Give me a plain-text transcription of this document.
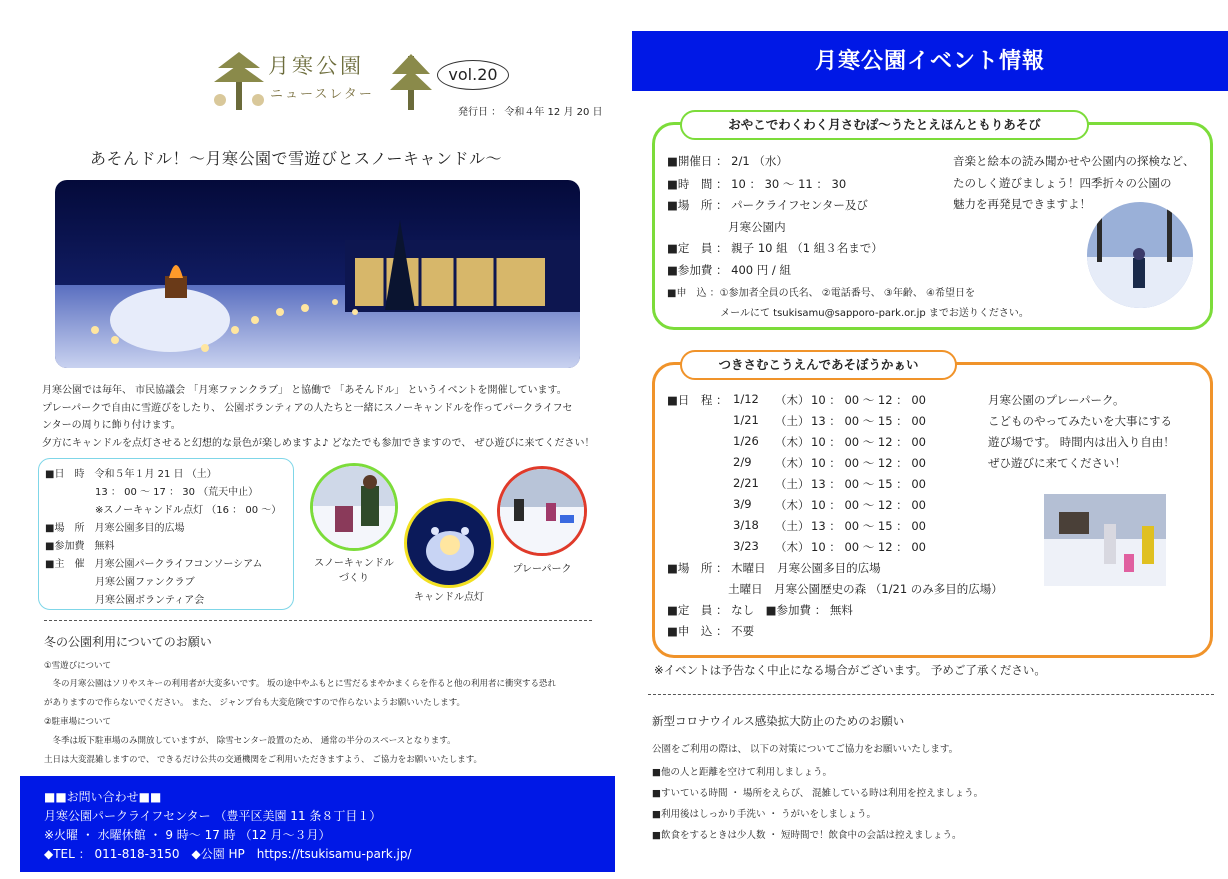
月寒公園
ニュースレター
vol.20
発行日 ： 令和４年 12 月 20 日
あそんドル！～月寒公園で雪遊びとスノーキャンドル～
月寒公園では毎年、 市民協議会 「月寒ファンクラブ」 と協働で 「あそんドル」 というイベントを開催しています。
プレーパークで自由に雪遊びをしたり、 公園ボランティアの人たちと一緒にスノーキャンドルを作ってパークライフセ
ンターの周りに飾り付けます。
夕方にキャンドルを点灯させると幻想的な景色が楽しめますよ♪ どなたでも参加できますので、 ぜひ遊びに来てください！
■日　時　令和５年１月 21 日 （土）
　　　　　13 ： 00 ～ 17 ： 30 （荒天中止）
　　　　　※スノーキャンドル点灯 （16 ： 00 ～）
■場　所　月寒公園多目的広場
■参加費　無料
■主　催　月寒公園パークライフコンソーシアム
　　　　　月寒公園ファンクラブ
　　　　　月寒公園ボランティア会
スノーキャンドル
づくり
キャンドル点灯
プレーパーク
冬の公園利用についてのお願い
①雪遊びについて
　冬の月寒公園はソリやスキーの利用者が大変多いです。 坂の途中やふもとに雪だるまやかまくらを作ると他の利用者に衝突する恐れ
がありますので作らないでください。 また、 ジャンプ台も大変危険ですので作らないようお願いいたします。
②駐車場について
　冬季は坂下駐車場のみ開放していますが、 除雪センター設置のため、 通常の半分のスペースとなります。
土日は大変混雑しますので、 できるだけ公共の交通機関をご利用いただきますよう、 ご協力をお願いいたします。
■■お問い合わせ■■
月寒公園パークライフセンター （豊平区美園 11 条８丁目１）
※火曜 ・ 水曜休館 ・ 9 時～ 17 時 （12 月～３月）
◆TEL ： 011-818-3150　◆公園 HP　https://tsukisamu-park.jp/
月寒公園イベント情報
おやこでわくわく月さむぽ～うたとえほんともりあそび
■開催日 ： 2/1 （水）
■時　間 ： 10 ： 30 ～ 11 ： 30
■場　所 ： パークライフセンター及び
　　　　　 月寒公園内
■定　員 ： 親子 10 組 （1 組３名まで）
■参加費 ： 400 円 / 組
■申　込 ：①参加者全員の氏名、 ②電話番号、 ③年齢、 ④希望日を
　　　　　 メールにて tsukisamu@sapporo-park.or.jp までお送りください。
音楽と絵本の読み聞かせや公園内の探検など、
たのしく遊びましょう！四季折々の公園の
魅力を再発見できますよ！
つきさむこうえんであそぼうかぁい
■日　程 ： 1/12 （木） 10 ： 00 ～ 12 ： 00
1/21 （土） 13 ： 00 ～ 15 ： 00
1/26 （木） 10 ： 00 ～ 12 ： 00
2/9 （木） 10 ： 00 ～ 12 ： 00
2/21 （土） 13 ： 00 ～ 15 ： 00
3/9 （木） 10 ： 00 ～ 12 ： 00
3/18 （土） 13 ： 00 ～ 15 ： 00
3/23 （木） 10 ： 00 ～ 12 ： 00
■場　所 ： 木曜日　月寒公園多目的広場
　　　　　 土曜日　月寒公園歴史の森 （1/21 のみ多目的広場）
■定　員 ： なし　■参加費 ： 無料
■申　込 ： 不要
月寒公園のプレーパーク。
こどものやってみたいを大事にする
遊び場です。 時間内は出入り自由！
ぜひ遊びに来てください！
※イベントは予告なく中止になる場合がございます。 予めご了承ください。
新型コロナウイルス感染拡大防止のためのお願い
公園をご利用の際は、 以下の対策についてご協力をお願いいたします。
■他の人と距離を空けて利用しましょう。
■すいている時間 ・ 場所をえらび、 混雑している時は利用を控えましょう。
■利用後はしっかり手洗い ・ うがいをしましょう。
■飲食をするときは少人数 ・ 短時間で！飲食中の会話は控えましょう。
